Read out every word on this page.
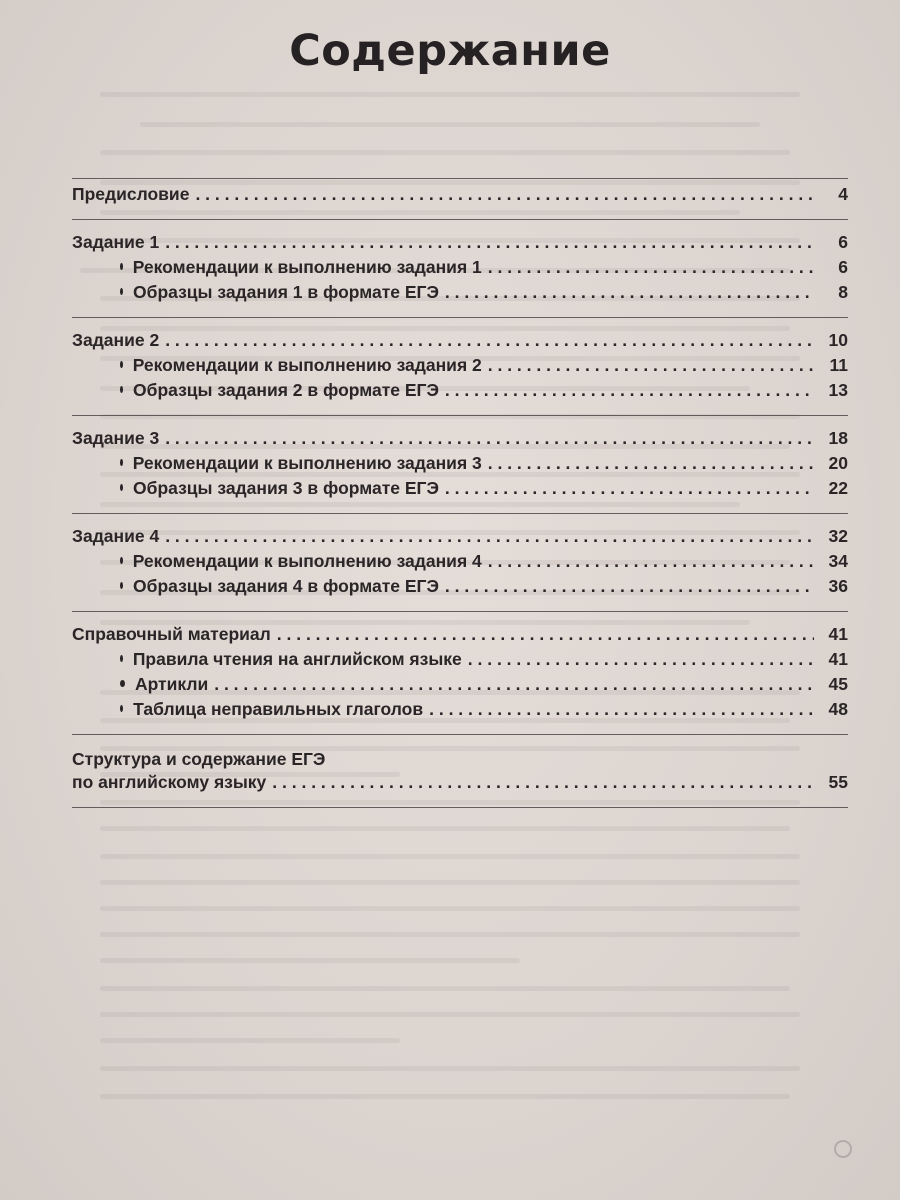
Содержание
Предисловие . . .	4
Задание 1 . . .	6
Рекомендации к выполнению задания 1 . . .	6
Образцы задания 1 в формате ЕГЭ . . .	8
Задание 2 . . .	10
Рекомендации к выполнению задания 2 . . .	11
Образцы задания 2 в формате ЕГЭ . . .	13
Задание 3 . . .	18
Рекомендации к выполнению задания 3 . . .	20
Образцы задания 3 в формате ЕГЭ . . .	22
Задание 4 . . .	32
Рекомендации к выполнению задания 4 . . .	34
Образцы задания 4 в формате ЕГЭ . . .	36
Справочный материал . . .	41
Правила чтения на английском языке . . .	41
Артикли . . .	45
Таблица неправильных глаголов . . .	48
Структура и содержание ЕГЭ
по английскому языку . . .	55
